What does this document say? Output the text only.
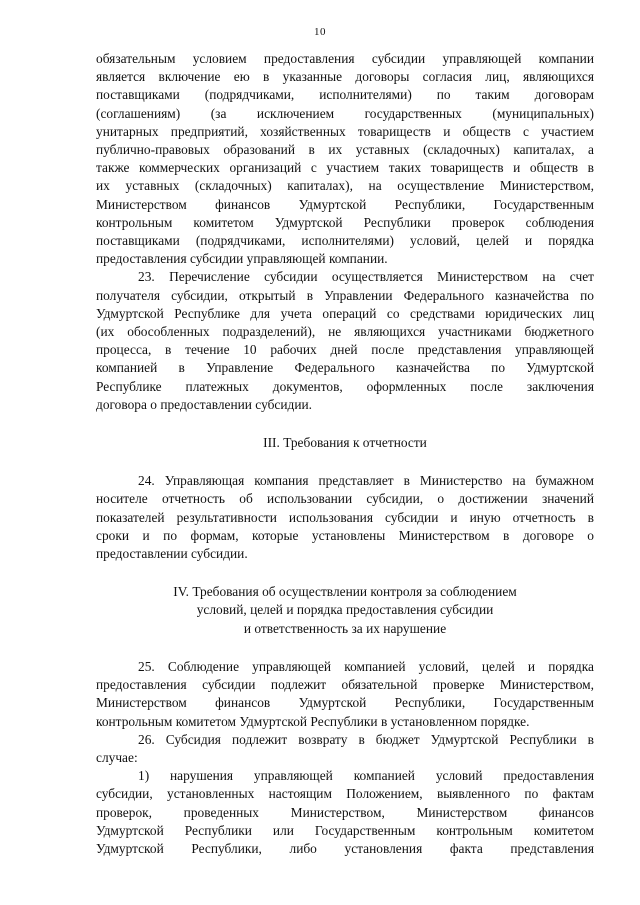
10
обязательным условием предоставления субсидии управляющей компании
является включение ею в указанные договоры согласия лиц, являющихся
поставщиками (подрядчиками, исполнителями) по таким договорам
(соглашениям) (за исключением государственных (муниципальных)
унитарных предприятий, хозяйственных товариществ и обществ с участием
публично-правовых образований в их уставных (складочных) капиталах, а
также коммерческих организаций с участием таких товариществ и обществ в
их уставных (складочных) капиталах), на осуществление Министерством,
Министерством финансов Удмуртской Республики, Государственным
контрольным комитетом Удмуртской Республики проверок соблюдения
поставщиками (подрядчиками, исполнителями) условий, целей и порядка
предоставления субсидии управляющей компании.
23. Перечисление субсидии осуществляется Министерством на счет
получателя субсидии, открытый в Управлении Федерального казначейства по
Удмуртской Республике для учета операций со средствами юридических лиц
(их обособленных подразделений), не являющихся участниками бюджетного
процесса, в течение 10 рабочих дней после представления управляющей
компанией в Управление Федерального казначейства по Удмуртской
Республике платежных документов, оформленных после заключения
договора о предоставлении субсидии.
III. Требования к отчетности
24. Управляющая компания представляет в Министерство на бумажном
носителе отчетность об использовании субсидии, о достижении значений
показателей результативности использования субсидии и иную отчетность в
сроки и по формам, которые установлены Министерством в договоре о
предоставлении субсидии.
IV. Требования об осуществлении контроля за соблюдением
условий, целей и порядка предоставления субсидии
и ответственность за их нарушение
25. Соблюдение управляющей компанией условий, целей и порядка
предоставления субсидии подлежит обязательной проверке Министерством,
Министерством финансов Удмуртской Республики, Государственным
контрольным комитетом Удмуртской Республики в установленном порядке.
26. Субсидия подлежит возврату в бюджет Удмуртской Республики в
случае:
1) нарушения управляющей компанией условий предоставления
субсидии, установленных настоящим Положением, выявленного по фактам
проверок, проведенных Министерством, Министерством финансов
Удмуртской Республики или Государственным контрольным комитетом
Удмуртской Республики, либо установления факта представления
